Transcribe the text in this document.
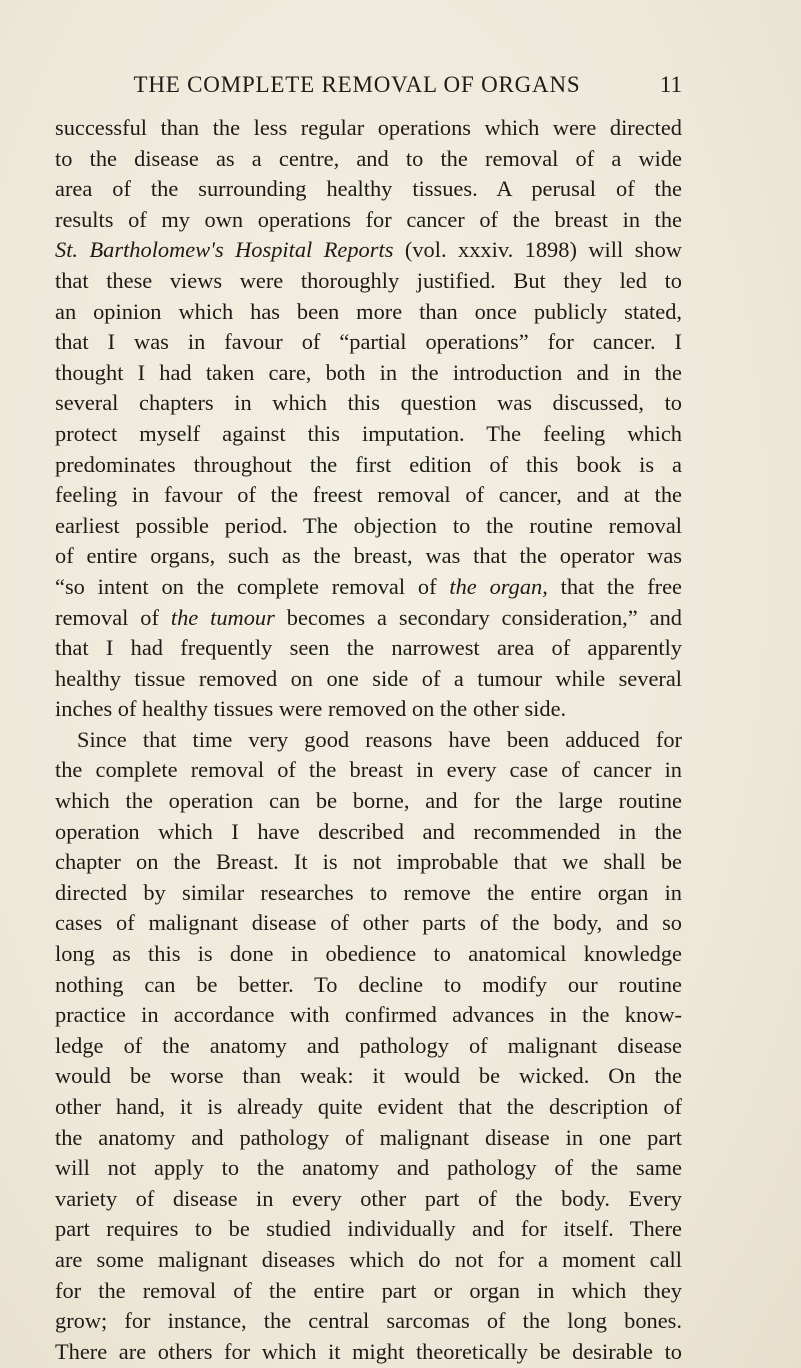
THE COMPLETE REMOVAL OF ORGANS	11
successful than the less regular operations which were directed
to the disease as a centre, and to the removal of a wide
area of the surrounding healthy tissues. A perusal of the
results of my own operations for cancer of the breast in the
St. Bartholomew's Hospital Reports (vol. xxxiv. 1898) will show
that these views were thoroughly justified. But they led to
an opinion which has been more than once publicly stated,
that I was in favour of “partial operations” for cancer. I
thought I had taken care, both in the introduction and in the
several chapters in which this question was discussed, to
protect myself against this imputation. The feeling which
predominates throughout the first edition of this book is a
feeling in favour of the freest removal of cancer, and at the
earliest possible period. The objection to the routine removal
of entire organs, such as the breast, was that the operator was
“so intent on the complete removal of the organ, that the free
removal of the tumour becomes a secondary consideration,” and
that I had frequently seen the narrowest area of apparently
healthy tissue removed on one side of a tumour while several
inches of healthy tissues were removed on the other side.
Since that time very good reasons have been adduced for
the complete removal of the breast in every case of cancer in
which the operation can be borne, and for the large routine
operation which I have described and recommended in the
chapter on the Breast. It is not improbable that we shall be
directed by similar researches to remove the entire organ in
cases of malignant disease of other parts of the body, and so
long as this is done in obedience to anatomical knowledge
nothing can be better. To decline to modify our routine
practice in accordance with confirmed advances in the know-
ledge of the anatomy and pathology of malignant disease
would be worse than weak: it would be wicked. On the
other hand, it is already quite evident that the description of
the anatomy and pathology of malignant disease in one part
will not apply to the anatomy and pathology of the same
variety of disease in every other part of the body. Every
part requires to be studied individually and for itself. There
are some malignant diseases which do not for a moment call
for the removal of the entire part or organ in which they
grow; for instance, the central sarcomas of the long bones.
There are others for which it might theoretically be desirable to
